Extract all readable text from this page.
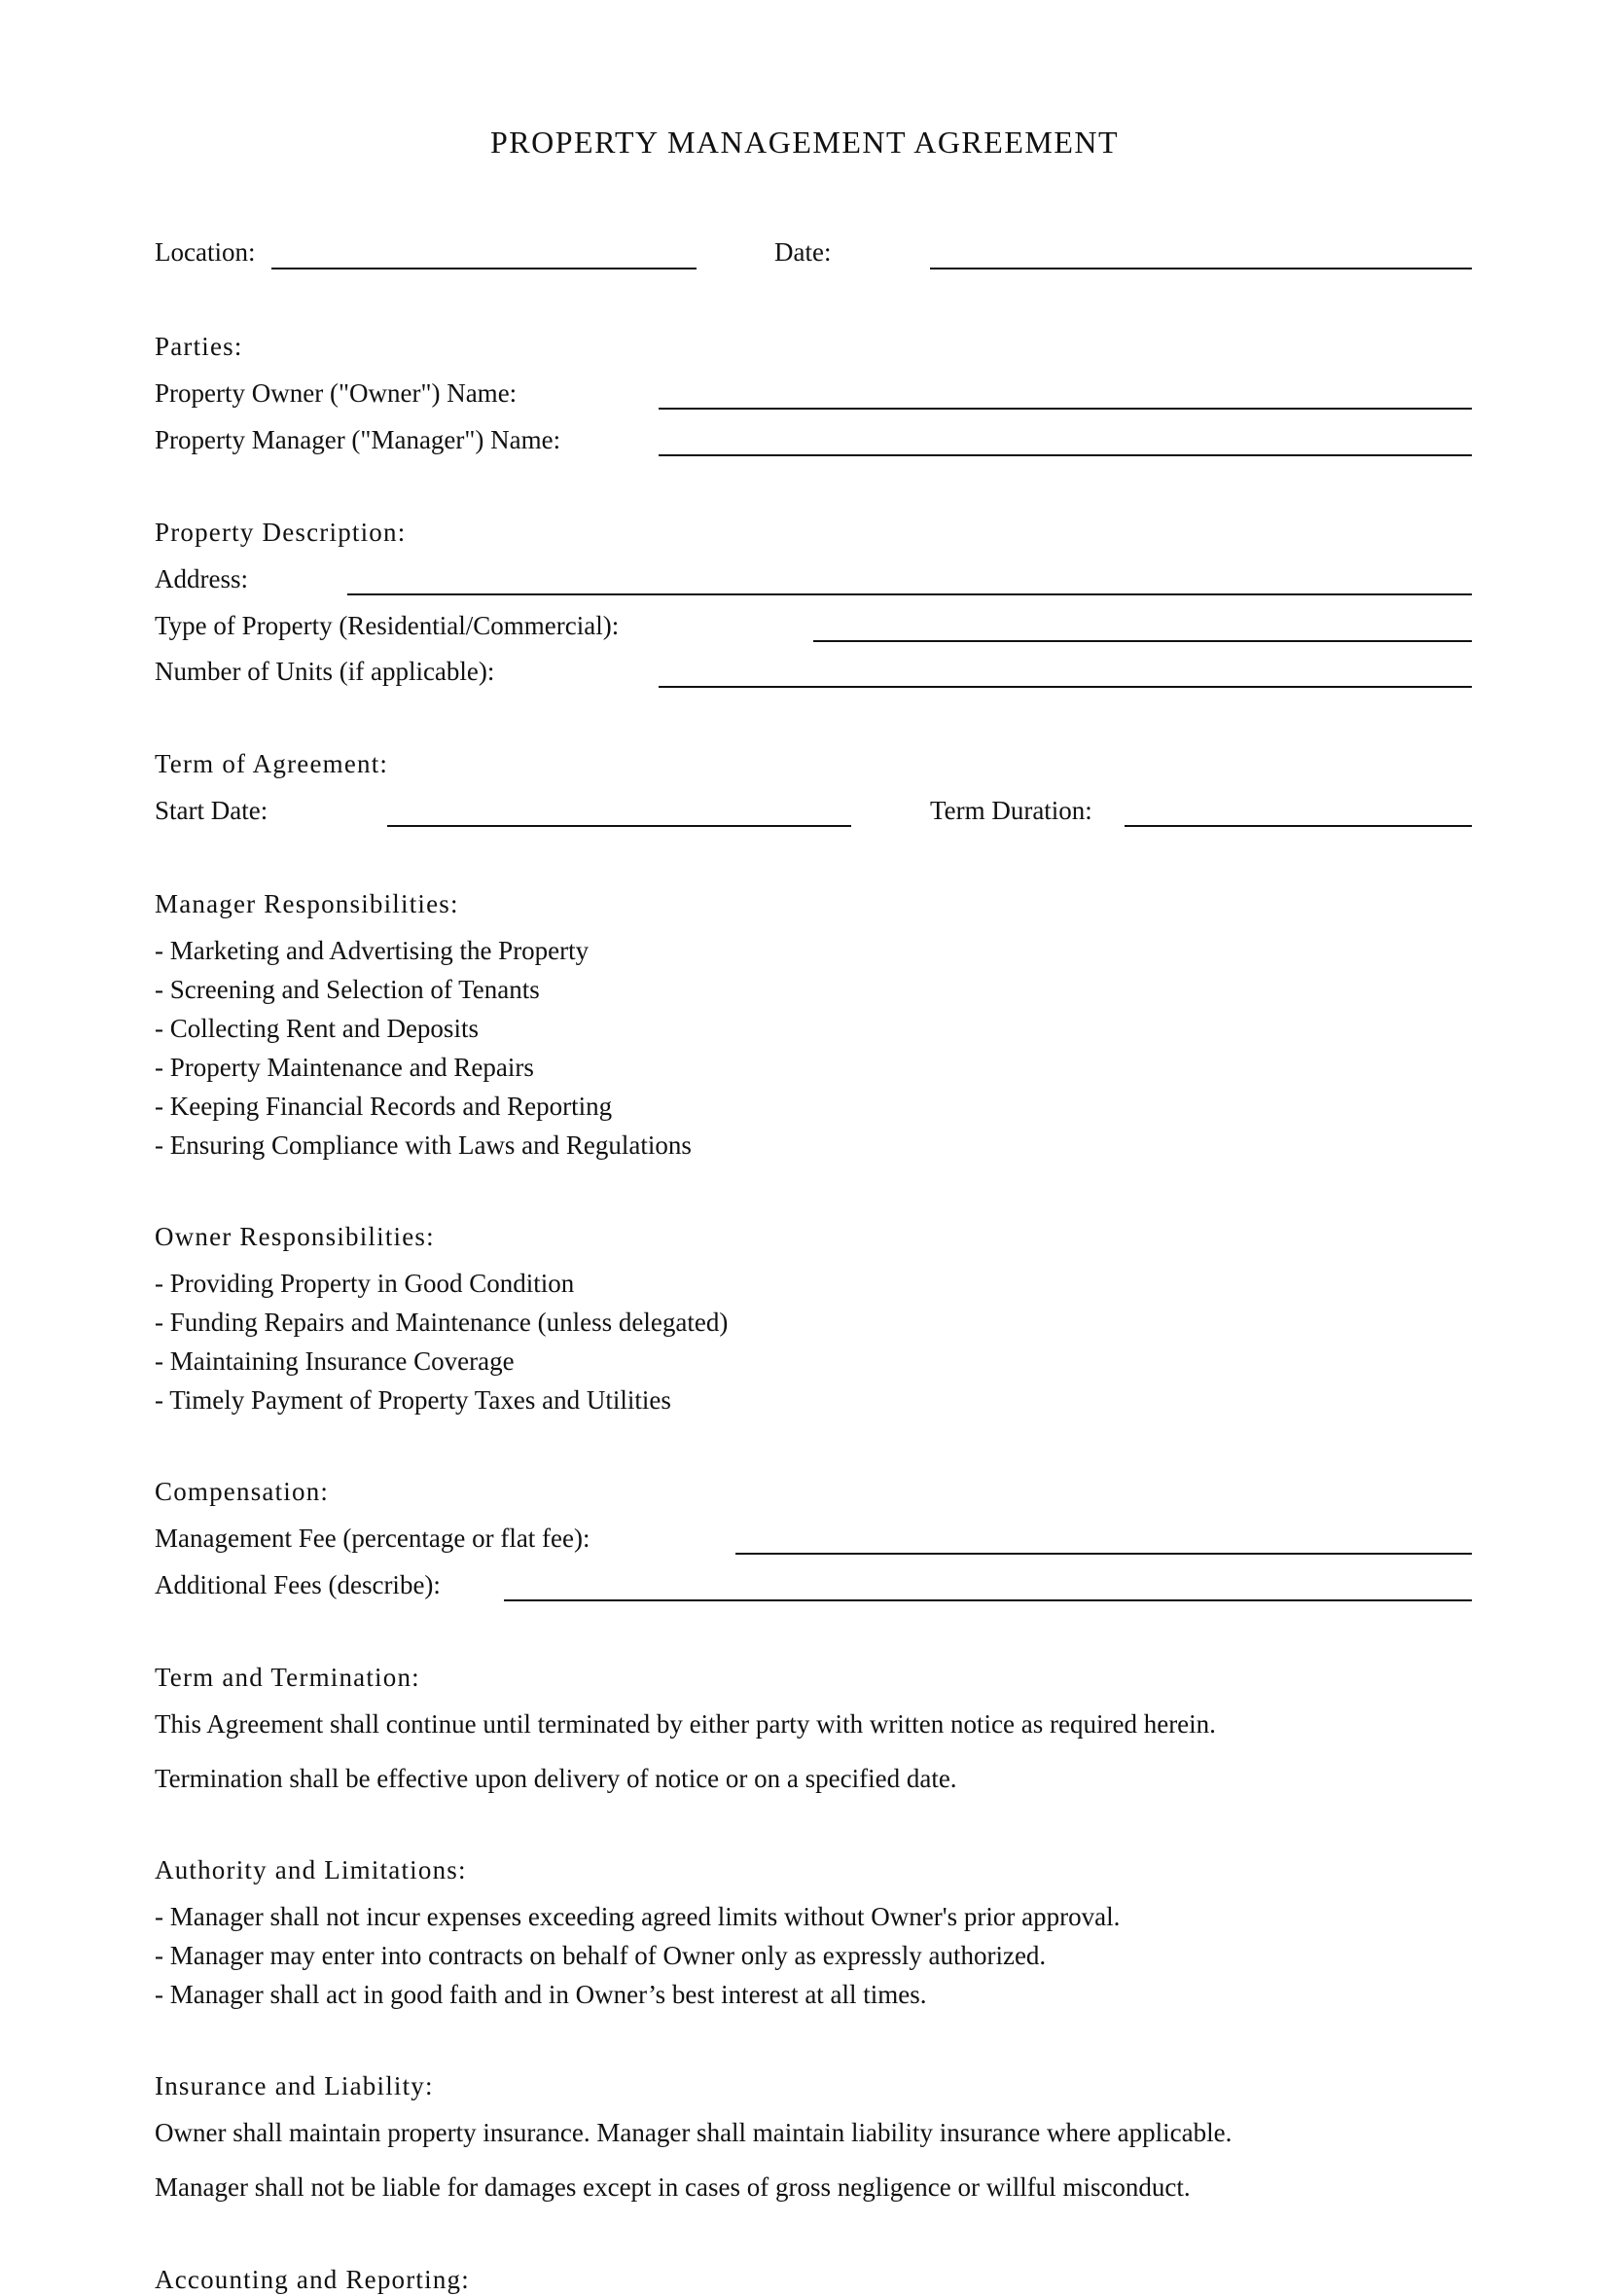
PROPERTY MANAGEMENT AGREEMENT
Location:	Date:
Parties:
Property Owner ("Owner") Name:
Property Manager ("Manager") Name:
Property Description:
Address:
Type of Property (Residential/Commercial):
Number of Units (if applicable):
Term of Agreement:
Start Date:	Term Duration:
Manager Responsibilities:
- Marketing and Advertising the Property
- Screening and Selection of Tenants
- Collecting Rent and Deposits
- Property Maintenance and Repairs
- Keeping Financial Records and Reporting
- Ensuring Compliance with Laws and Regulations
Owner Responsibilities:
- Providing Property in Good Condition
- Funding Repairs and Maintenance (unless delegated)
- Maintaining Insurance Coverage
- Timely Payment of Property Taxes and Utilities
Compensation:
Management Fee (percentage or flat fee):
Additional Fees (describe):
Term and Termination:
This Agreement shall continue until terminated by either party with written notice as required herein.
Termination shall be effective upon delivery of notice or on a specified date.
Authority and Limitations:
- Manager shall not incur expenses exceeding agreed limits without Owner's prior approval.
- Manager may enter into contracts on behalf of Owner only as expressly authorized.
- Manager shall act in good faith and in Owner’s best interest at all times.
Insurance and Liability:
Owner shall maintain property insurance. Manager shall maintain liability insurance where applicable.
Manager shall not be liable for damages except in cases of gross negligence or willful misconduct.
Accounting and Reporting:
